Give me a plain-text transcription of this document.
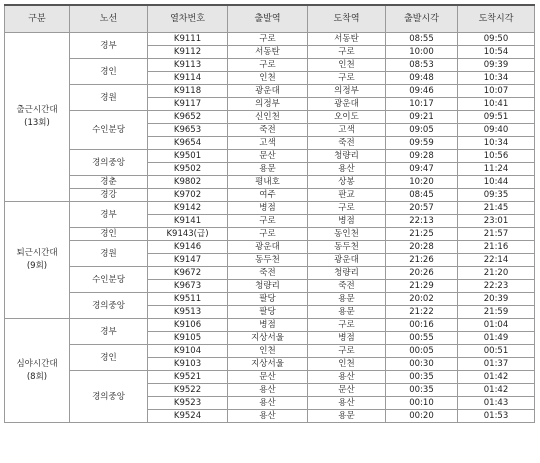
구분	노선	열차번호	출발역	도착역	출발시각	도착시각

출근시간대
(13회)	경부	K9111	구로	서동탄	08:55	09:50
		K9112	서동탄	구로	10:00	10:54
	경인	K9113	구로	인천	08:53	09:39
		K9114	인천	구로	09:48	10:34
	경원	K9118	광운대	의정부	09:46	10:07
		K9117	의정부	광운대	10:17	10:41
	수인분당	K9652	신인천	오이도	09:21	09:51
		K9653	죽전	고색	09:05	09:40
		K9654	고색	죽전	09:59	10:34
	경의중앙	K9501	문산	청량리	09:28	10:56
		K9502	용문	용산	09:47	11:24
	경춘	K9802	평내호	상봉	10:20	10:44
	경강	K9702	여주	판교	08:45	09:35

퇴근시간대
(9회)	경부	K9142	병점	구로	20:57	21:45
		K9141	구로	병점	22:13	23:01
	경인	K9143(급)	구로	동인천	21:25	21:57
	경원	K9146	광운대	동두천	20:28	21:16
		K9147	동두천	광운대	21:26	22:14
	수인분당	K9672	죽전	청량리	20:26	21:20
		K9673	청량리	죽전	21:29	22:23
	경의중앙	K9511	팔당	용문	20:02	20:39
		K9513	팔당	용문	21:22	21:59

심야시간대
(8회)	경부	K9106	병점	구로	00:16	01:04
		K9105	지상서울	병점	00:55	01:49
	경인	K9104	인천	구로	00:05	00:51
		K9103	지상서울	인천	00:30	01:37
	경의중앙	K9521	문산	용산	00:35	01:42
		K9522	용산	문산	00:35	01:42
		K9523	용산	용산	00:10	01:43
		K9524	용산	용문	00:20	01:53
